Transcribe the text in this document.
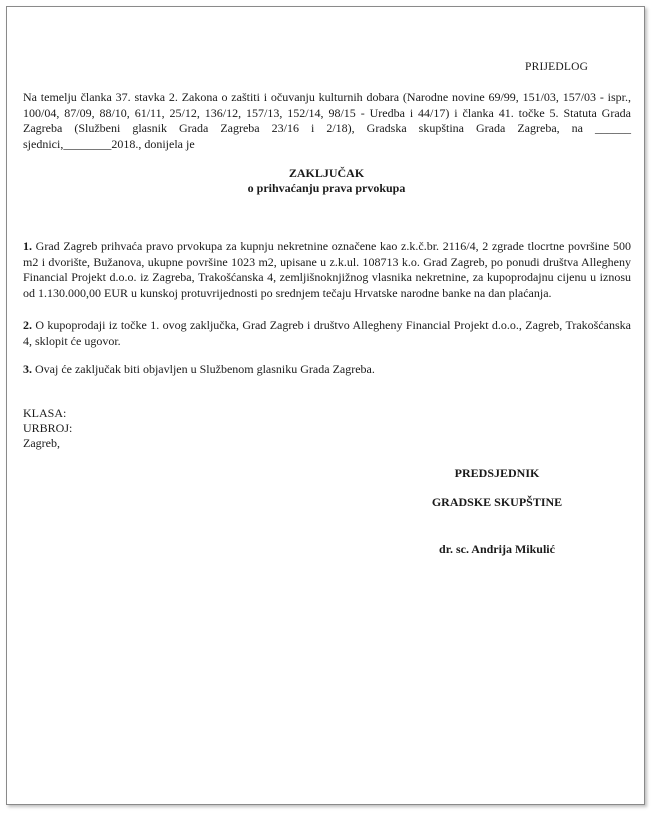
PRIJEDLOG
Na temelju članka 37. stavka 2. Zakona o zaštiti i očuvanju kulturnih dobara (Narodne novine 69/99, 151/03, 157/03 - ispr., 100/04, 87/09, 88/10, 61/11, 25/12, 136/12, 157/13, 152/14, 98/15 - Uredba i 44/17) i članka 41. točke 5. Statuta Grada Zagreba (Službeni glasnik Grada Zagreba 23/16 i 2/18), Gradska skupština Grada Zagreba, na ______ sjednici,________2018., donijela je
ZAKLJUČAK
o prihvaćanju prava prvokupa
1. Grad Zagreb prihvaća pravo prvokupa za kupnju nekretnine označene kao z.k.č.br. 2116/4, 2 zgrade tlocrtne površine 500 m2 i dvorište, Bužanova, ukupne površine 1023 m2, upisane u z.k.ul. 108713 k.o. Grad Zagreb, po ponudi društva Allegheny Financial Projekt d.o.o. iz Zagreba, Trakošćanska 4, zemljišnoknjižnog vlasnika nekretnine, za kupoprodajnu cijenu u iznosu od 1.130.000,00 EUR u kunskoj protuvrijednosti po srednjem tečaju Hrvatske narodne banke na dan plaćanja.
2. O kupoprodaji iz točke 1. ovog zaključka, Grad Zagreb i društvo Allegheny Financial Projekt d.o.o., Zagreb, Trakošćanska 4, sklopit će ugovor.
3. Ovaj će zaključak biti objavljen u Službenom glasniku Grada Zagreba.
KLASA:
URBROJ:
Zagreb,
PREDSJEDNIK
GRADSKE SKUPŠTINE
dr. sc. Andrija Mikulić
